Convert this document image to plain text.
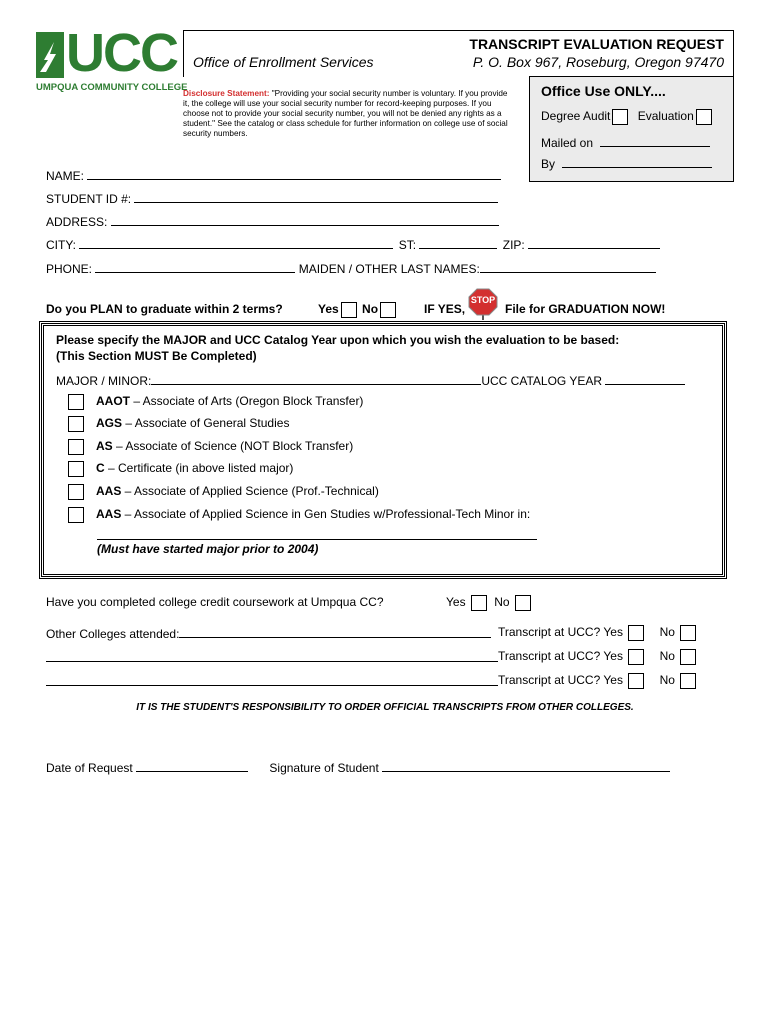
UCC
UMPQUA COMMUNITY COLLEGE
Office of Enrollment Services
TRANSCRIPT EVALUATION REQUEST
P. O. Box 967, Roseburg, Oregon 97470
Disclosure Statement: "Providing your social security number is voluntary. If you provide it, the college will use your social security number for record-keeping purposes. If you choose not to provide your social security number, you will not be denied any rights as a student." See the catalog or class schedule for further information on college use of social security numbers.
Office Use ONLY....
Degree Audit Evaluation
Mailed on
By
NAME:
STUDENT ID #:
ADDRESS:
CITY:	ST:	ZIP:
PHONE:	MAIDEN / OTHER LAST NAMES:
Do you PLAN to graduate within 2 terms?	Yes No	IF YES,
STOP
File for GRADUATION NOW!
Please specify the MAJOR and UCC Catalog Year upon which you wish the evaluation to be based:
(This Section MUST Be Completed)
MAJOR / MINOR:	UCC CATALOG YEAR
AAOT – Associate of Arts (Oregon Block Transfer)
AGS – Associate of General Studies
AS – Associate of Science (NOT Block Transfer)
C – Certificate (in above listed major)
AAS – Associate of Applied Science (Prof.-Technical)
AAS – Associate of Applied Science in Gen Studies w/Professional-Tech Minor in:
(Must have started major prior to 2004)
Have you completed college credit coursework at Umpqua CC?	Yes No
Other Colleges attended:	Transcript at UCC? Yes	No
Transcript at UCC? Yes	No
Transcript at UCC? Yes	No
IT IS THE STUDENT'S RESPONSIBILITY TO ORDER OFFICIAL TRANSCRIPTS FROM OTHER COLLEGES.
Date of Request	Signature of Student
